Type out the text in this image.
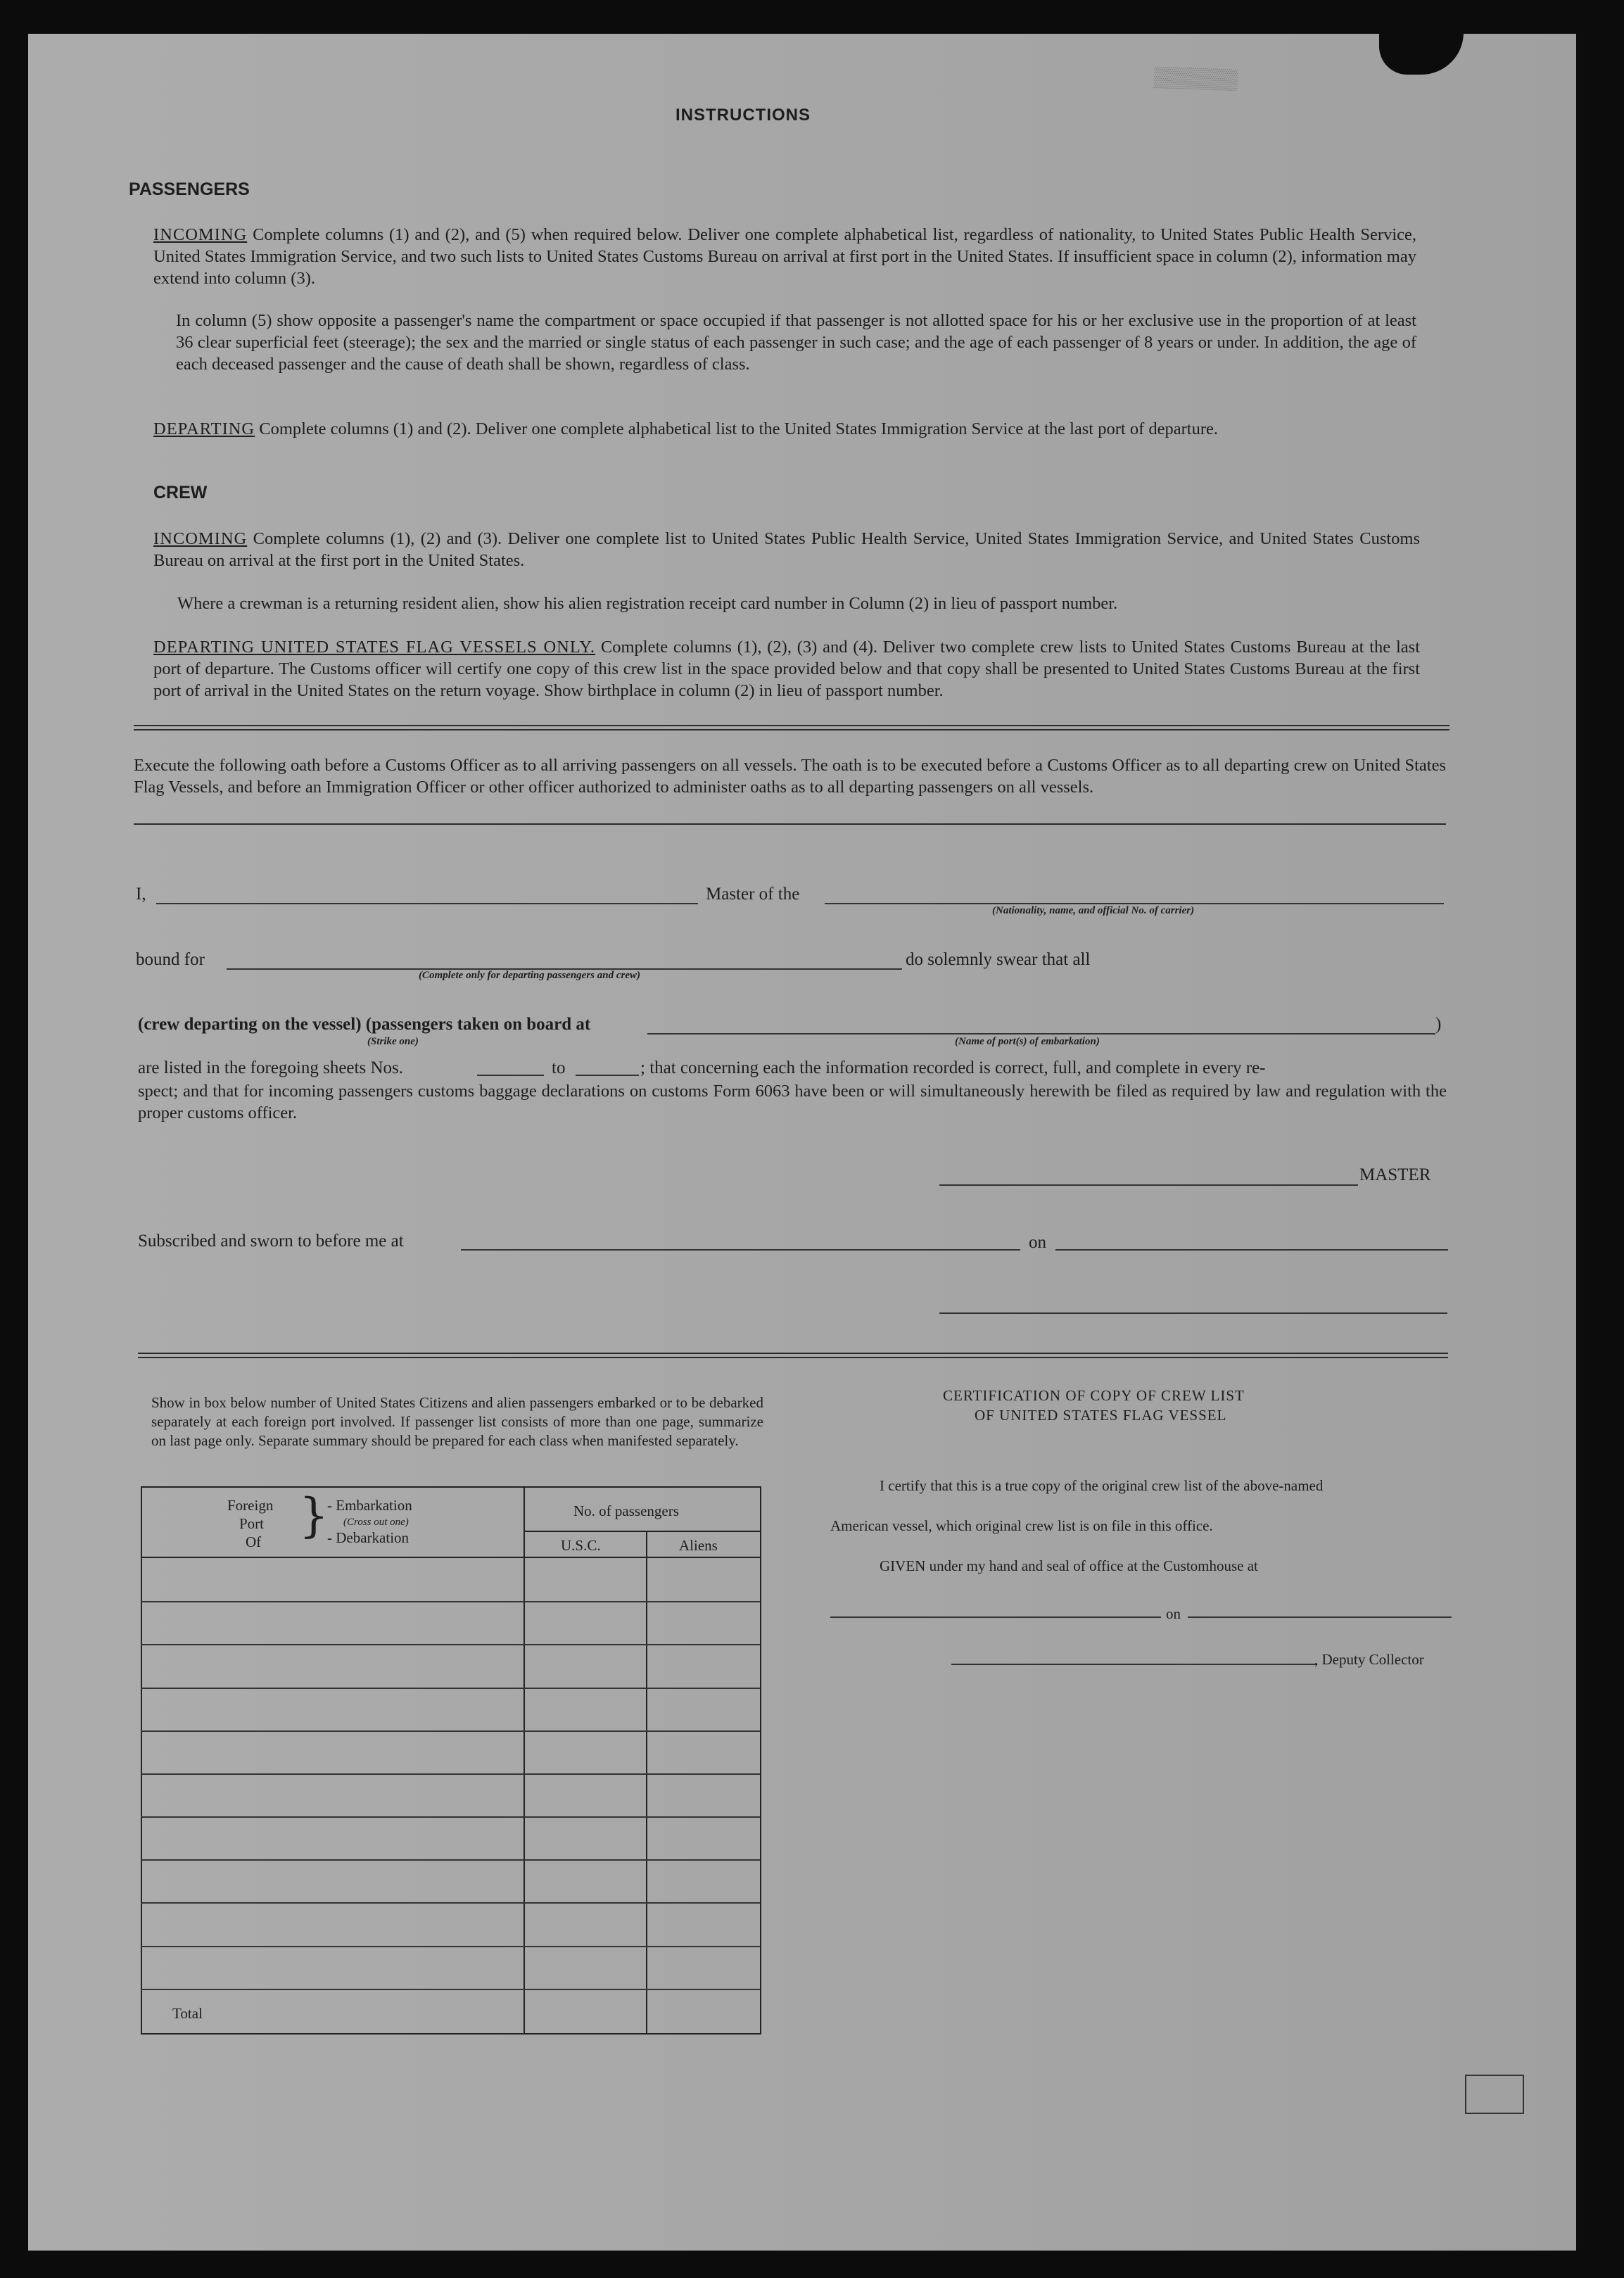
▒▒▒▒▒▒
INSTRUCTIONS
PASSENGERS
INCOMING Complete columns (1) and (2), and (5) when required below. Deliver one complete alphabetical list, regardless of nationality, to United States Public Health Service, United States Immigration Service, and two such lists to United States Customs Bureau on arrival at first port in the United States. If insufficient space in column (2), information may extend into column (3).
In column (5) show opposite a passenger's name the compartment or space occupied if that passenger is not allotted space for his or her exclusive use in the proportion of at least 36 clear superficial feet (steerage); the sex and the married or single status of each passenger in such case; and the age of each passenger of 8 years or under. In addition, the age of each deceased passenger and the cause of death shall be shown, regardless of class.
DEPARTING Complete columns (1) and (2). Deliver one complete alphabetical list to the United States Immigration Service at the last port of departure.
CREW
INCOMING Complete columns (1), (2) and (3). Deliver one complete list to United States Public Health Service, United States Immigration Service, and United States Customs Bureau on arrival at the first port in the United States.
Where a crewman is a returning resident alien, show his alien registration receipt card number in Column (2) in lieu of passport number.
DEPARTING UNITED STATES FLAG VESSELS ONLY. Complete columns (1), (2), (3) and (4). Deliver two complete crew lists to United States Customs Bureau at the last port of departure. The Customs officer will certify one copy of this crew list in the space provided below and that copy shall be presented to United States Customs Bureau at the first port of arrival in the United States on the return voyage. Show birthplace in column (2) in lieu of passport number.
Execute the following oath before a Customs Officer as to all arriving passengers on all vessels. The oath is to be executed before a Customs Officer as to all departing crew on United States Flag Vessels, and before an Immigration Officer or other officer authorized to administer oaths as to all departing passengers on all vessels.
I,	Master of the
(Nationality, name, and official No. of carrier)
bound for	do solemnly swear that all
(Complete only for departing passengers and crew)
(crew departing on the vessel) (passengers taken on board at	)
(Strike one)	(Name of port(s) of embarkation)
are listed in the foregoing sheets Nos.	to	; that concerning each the information recorded is correct, full, and complete in every re-
spect; and that for incoming passengers customs baggage declarations on customs Form 6063 have been or will simultaneously herewith be filed as required by law and regulation with the proper customs officer.
MASTER
Subscribed and sworn to before me at	on
Show in box below number of United States Citizens and alien passengers embarked or to be debarked separately at each foreign port involved. If passenger list consists of more than one page, summarize on last page only. Separate summary should be prepared for each class when manifested separately.
Foreign
Port
Of }
- Embarkation
(Cross out one)
- Debarkation
No. of passengers
U.S.C.	Aliens
Total
CERTIFICATION OF COPY OF CREW LIST
OF UNITED STATES FLAG VESSEL
I certify that this is a true copy of the original crew list of the above-named
American vessel, which original crew list is on file in this office.
GIVEN under my hand and seal of office at the Customhouse at
on
, Deputy Collector
